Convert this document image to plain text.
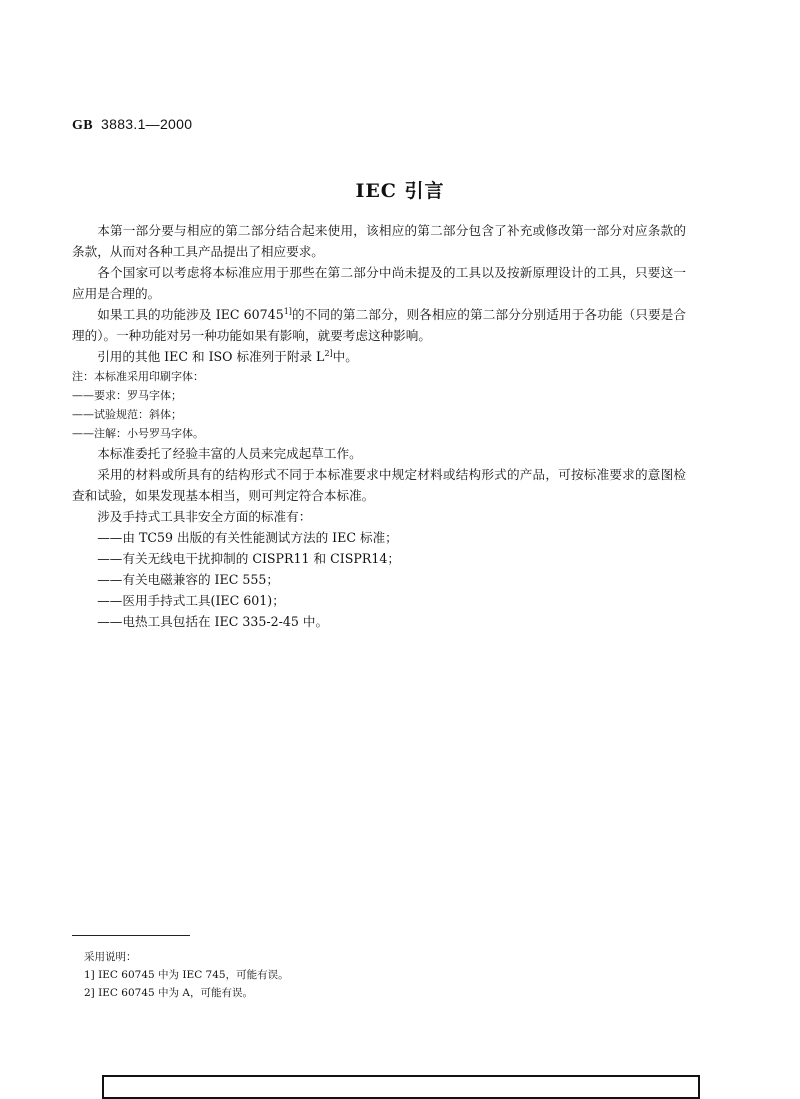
GB 3883.1—2000
IEC 引言

本第一部分要与相应的第二部分结合起来使用，该相应的第二部分包含了补充或修改第一部分对应条款的条款，从而对各种工具产品提出了相应要求。

各个国家可以考虑将本标准应用于那些在第二部分中尚未提及的工具以及按新原理设计的工具，只要这一应用是合理的。

如果工具的功能涉及 IEC $60745^{1]}$的不同的第二部分，则各相应的第二部分分别适用于各功能（只要是合理的）。一种功能对另一种功能如果有影响，就要考虑这种影响。

引用的其他 IEC 和 ISO 标准列于附录 $L^{2]}$中。

注：本标准采用印刷字体：

——要求：罗马字体；

——试验规范：斜体；

——注解：小号罗马字体。

本标准委托了经验丰富的人员来完成起草工作。

采用的材料或所具有的结构形式不同于本标准要求中规定材料或结构形式的产品，可按标准要求的意图检查和试验，如果发现基本相当，则可判定符合本标准。

涉及手持式工具非安全方面的标准有：

——由 TC59 出版的有关性能测试方法的 IEC 标准；

——有关无线电干扰抑制的 CISPR11 和 CISPR14；

——有关电磁兼容的 IEC 555；

——医用手持式工具(IEC 601)；

——电热工具包括在 IEC 335-2-45 中。

采用说明：
1] IEC 60745 中为 IEC 745，可能有误。
2] IEC 60745 中为 A，可能有误。
